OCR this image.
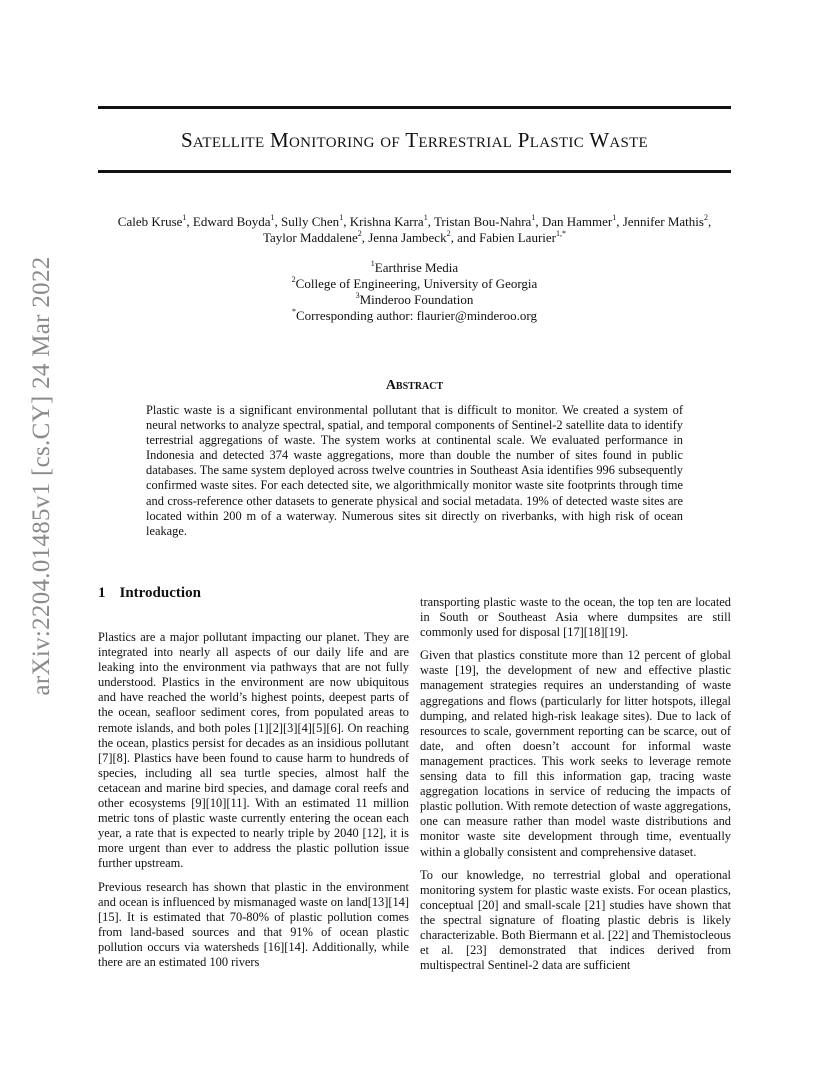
arXiv:2204.01485v1 [cs.CY] 24 Mar 2022
Satellite Monitoring of Terrestrial Plastic Waste
Caleb Kruse$^1$, Edward Boyda$^1$, Sully Chen$^1$, Krishna Karra$^1$, Tristan Bou-Nahra$^1$, Dan Hammer$^1$, Jennifer Mathis$^2$,
Taylor Maddalene$^2$, Jenna Jambeck$^2$, and Fabien Laurier$^{1,*}$
$^1$Earthrise Media
$^2$College of Engineering, University of Georgia
$^3$Minderoo Foundation
*Corresponding author: flaurier@minderoo.org
Abstract
Plastic waste is a significant environmental pollutant that is difficult to monitor. We created a system of neural networks to analyze spectral, spatial, and temporal components of Sentinel-2 satellite data to identify terrestrial aggregations of waste. The system works at continental scale. We evaluated performance in Indonesia and detected 374 waste aggregations, more than double the number of sites found in public databases. The same system deployed across twelve countries in Southeast Asia identifies 996 subsequently confirmed waste sites. For each detected site, we algorithmically monitor waste site footprints through time and cross-reference other datasets to generate physical and social metadata. 19% of detected waste sites are located within 200 m of a waterway. Numerous sites sit directly on riverbanks, with high risk of ocean leakage.
1 Introduction

Plastics are a major pollutant impacting our planet. They are integrated into nearly all aspects of our daily life and are leaking into the environment via pathways that are not fully understood. Plastics in the environment are now ubiquitous and have reached the world’s highest points, deepest parts of the ocean, seafloor sediment cores, from populated areas to remote islands, and both poles [1][2][3][4][5][6]. On reaching the ocean, plastics persist for decades as an insidious pollutant [7][8]. Plastics have been found to cause harm to hundreds of species, including all sea turtle species, almost half the cetacean and marine bird species, and damage coral reefs and other ecosystems [9][10][11]. With an estimated 11 million metric tons of plastic waste currently entering the ocean each year, a rate that is expected to nearly triple by 2040 [12], it is more urgent than ever to address the plastic pollution issue further upstream.

Previous research has shown that plastic in the environment and ocean is influenced by mismanaged waste on land[13][14][15]. It is estimated that 70-80% of plastic pollution comes from land-based sources and that 91% of ocean plastic pollution occurs via watersheds [16][14]. Additionally, while there are an estimated 100 rivers

transporting plastic waste to the ocean, the top ten are located in South or Southeast Asia where dumpsites are still commonly used for disposal [17][18][19].

Given that plastics constitute more than 12 percent of global waste [19], the development of new and effective plastic management strategies requires an understanding of waste aggregations and flows (particularly for litter hotspots, illegal dumping, and related high-risk leakage sites). Due to lack of resources to scale, government reporting can be scarce, out of date, and often doesn’t account for informal waste management practices. This work seeks to leverage remote sensing data to fill this information gap, tracing waste aggregation locations in service of reducing the impacts of plastic pollution. With remote detection of waste aggregations, one can measure rather than model waste distributions and monitor waste site development through time, eventually within a globally consistent and comprehensive dataset.

To our knowledge, no terrestrial global and operational monitoring system for plastic waste exists. For ocean plastics, conceptual [20] and small-scale [21] studies have shown that the spectral signature of floating plastic debris is likely characterizable. Both Biermann et al. [22] and Themistocleous et al. [23] demonstrated that indices derived from multispectral Sentinel-2 data are sufficient
